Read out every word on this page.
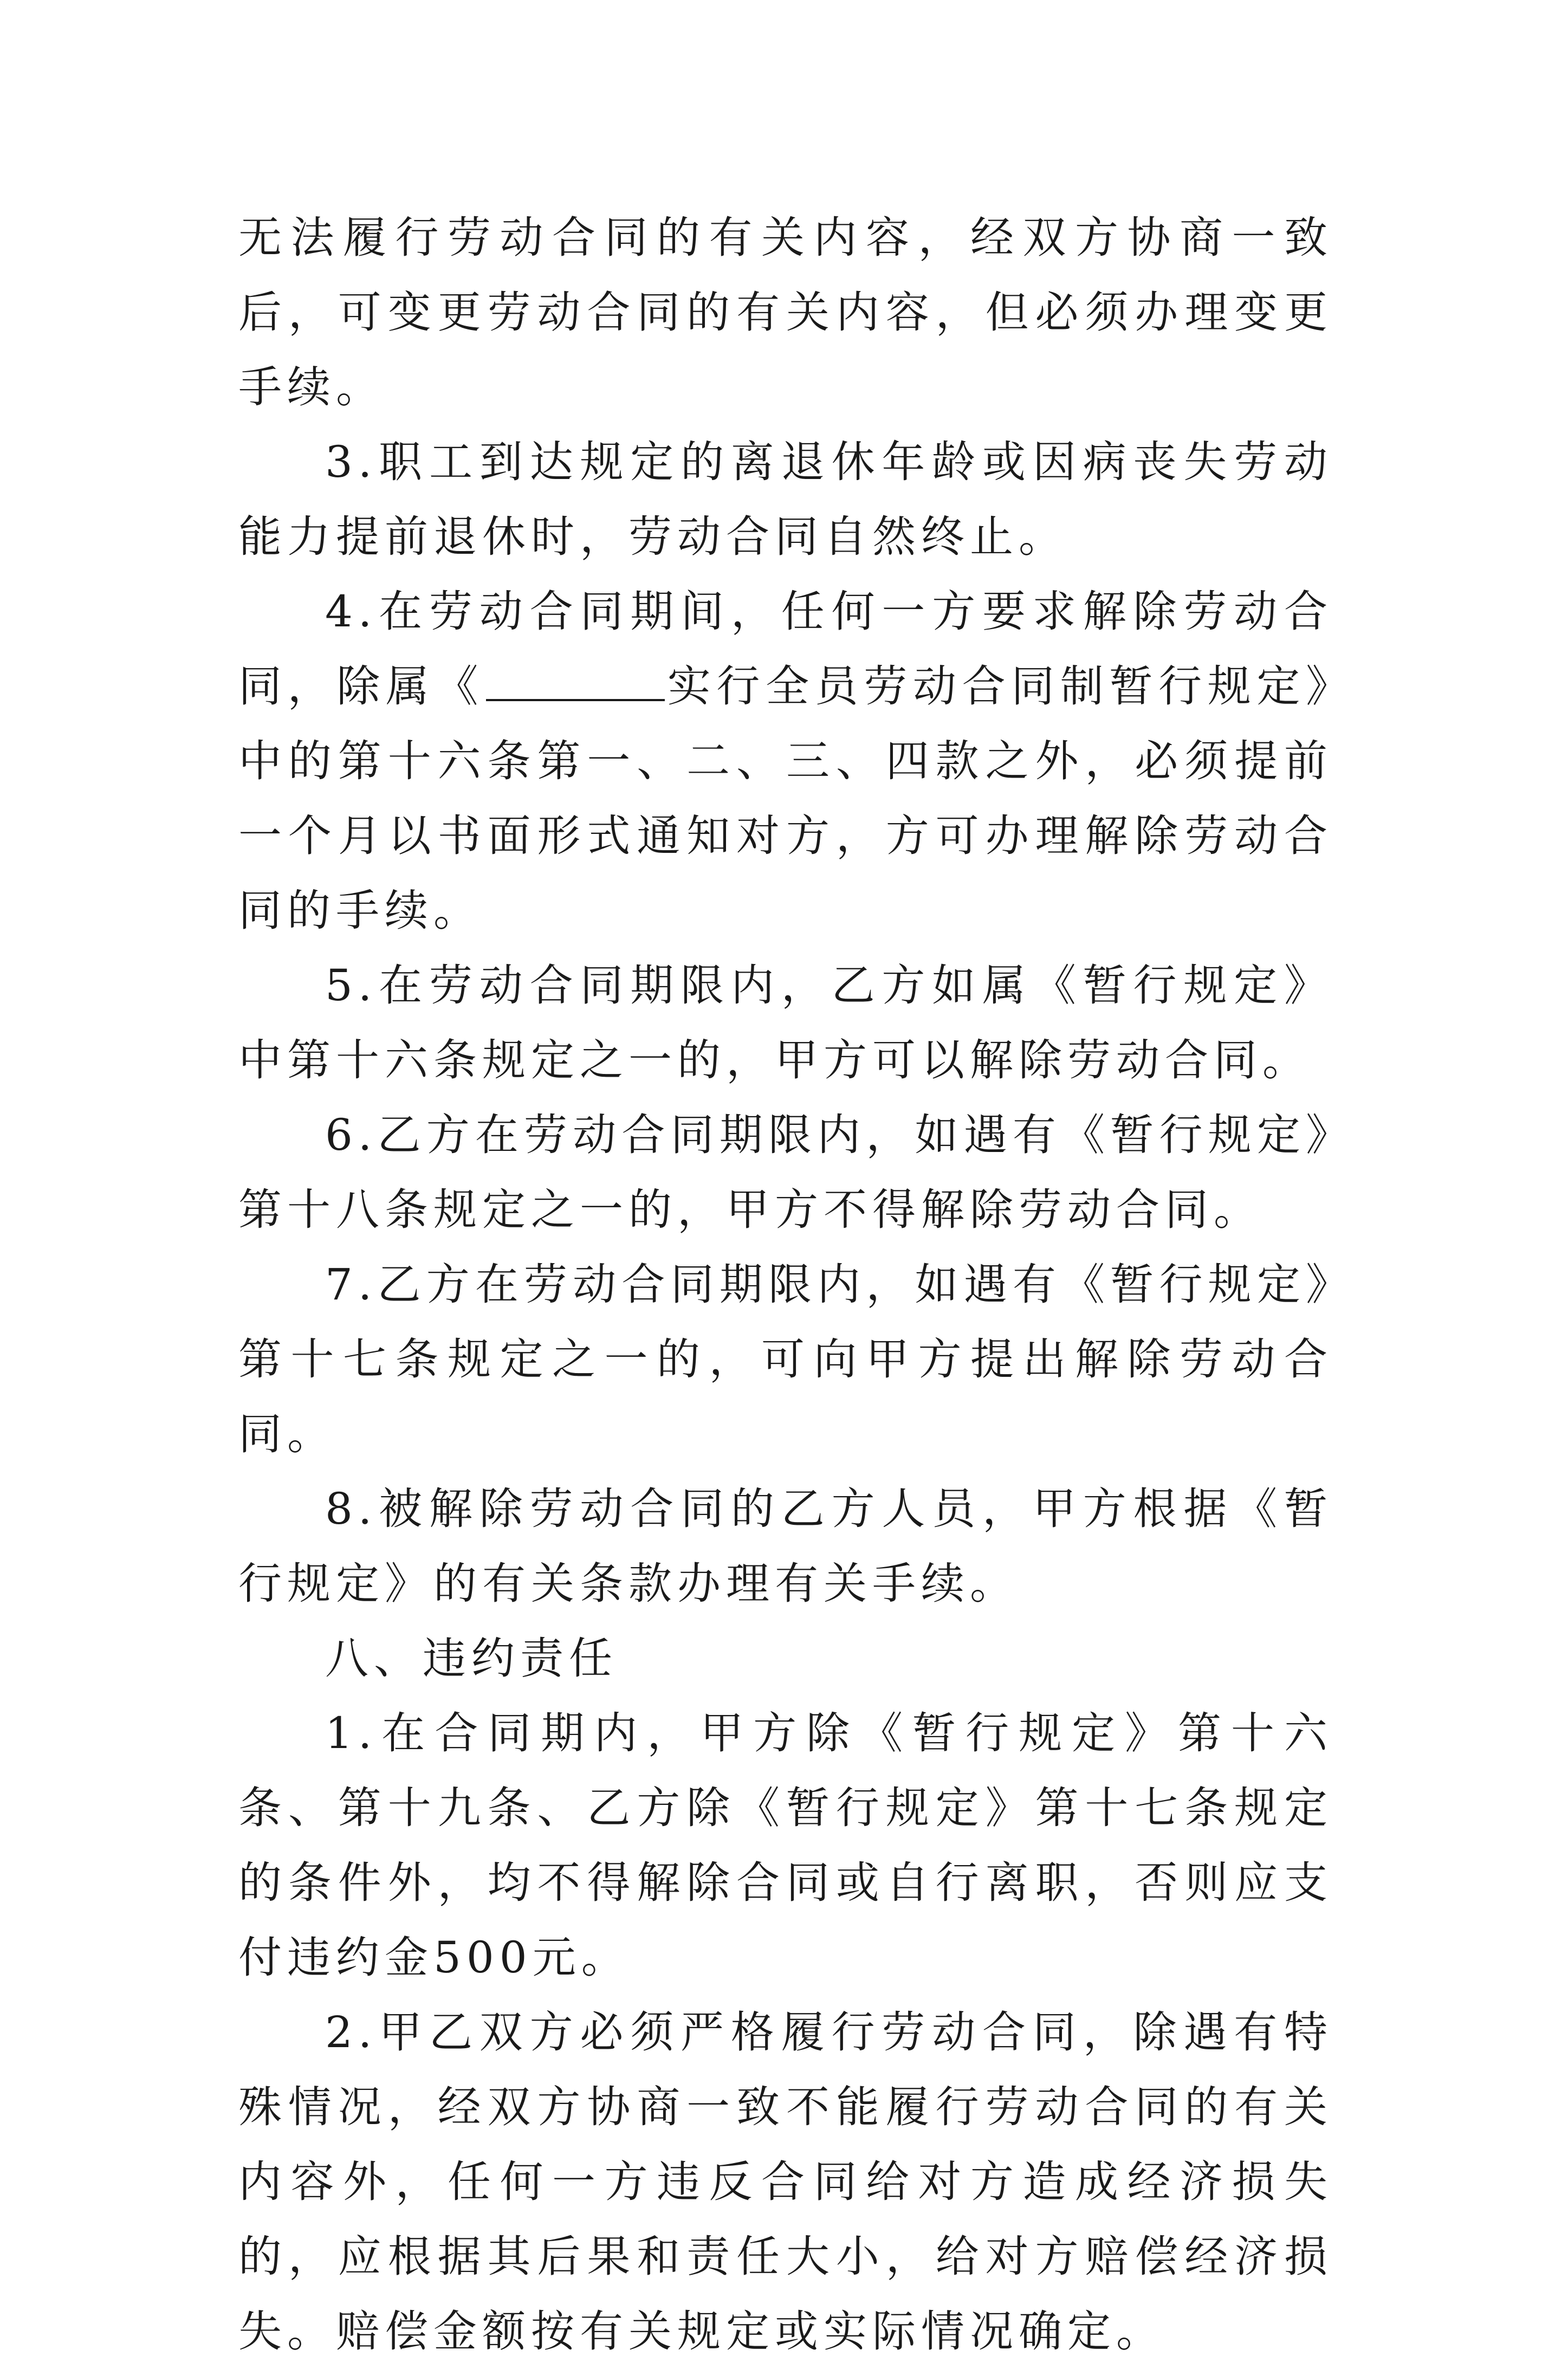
无法履行劳动合同的有关内容，经双方协商一致后，可变更劳动合同的有关内容，但必须办理变更手续。

3.职工到达规定的离退休年龄或因病丧失劳动能力提前退休时，劳动合同自然终止。

4.在劳动合同期间，任何一方要求解除劳动合同，除属《	实行全员劳动合同制暂行规定》中的第十六条第一、二、三、四款之外，必须提前一个月以书面形式通知对方，方可办理解除劳动合同的手续。

5.在劳动合同期限内，乙方如属《暂行规定》中第十六条规定之一的，甲方可以解除劳动合同。

6.乙方在劳动合同期限内，如遇有《暂行规定》第十八条规定之一的，甲方不得解除劳动合同。

7.乙方在劳动合同期限内，如遇有《暂行规定》第十七条规定之一的，可向甲方提出解除劳动合同。

8.被解除劳动合同的乙方人员，甲方根据《暂行规定》的有关条款办理有关手续。

八、违约责任

1.在合同期内，甲方除《暂行规定》第十六条、第十九条、乙方除《暂行规定》第十七条规定的条件外，均不得解除合同或自行离职，否则应支付违约金500元。

2.甲乙双方必须严格履行劳动合同，除遇有特殊情况，经双方协商一致不能履行劳动合同的有关内容外，任何一方违反合同给对方造成经济损失的，应根据其后果和责任大小，给对方赔偿经济损失。赔偿金额按有关规定或实际情况确定。
